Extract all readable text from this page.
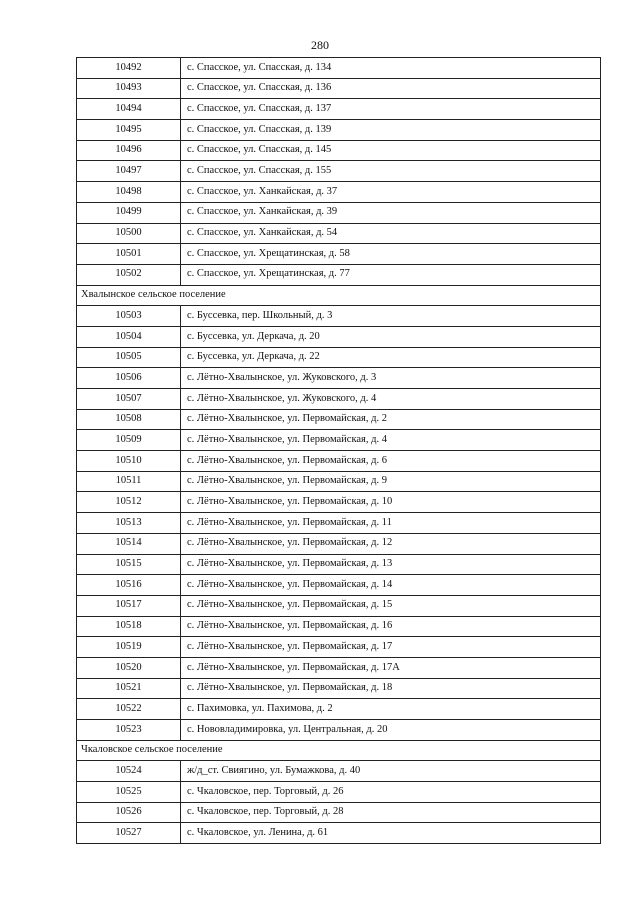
280
10492	с. Спасское, ул. Спасская, д. 134
10493	с. Спасское, ул. Спасская, д. 136
10494	с. Спасское, ул. Спасская, д. 137
10495	с. Спасское, ул. Спасская, д. 139
10496	с. Спасское, ул. Спасская, д. 145
10497	с. Спасское, ул. Спасская, д. 155
10498	с. Спасское, ул. Ханкайская, д. 37
10499	с. Спасское, ул. Ханкайская, д. 39
10500	с. Спасское, ул. Ханкайская, д. 54
10501	с. Спасское, ул. Хрещатинская, д. 58
10502	с. Спасское, ул. Хрещатинская, д. 77
Хвалынское сельское поселение	
10503	с. Буссевка, пер. Школьный, д. 3
10504	с. Буссевка, ул. Деркача, д. 20
10505	с. Буссевка, ул. Деркача, д. 22
10506	с. Лётно-Хвалынское, ул. Жуковского, д. 3
10507	с. Лётно-Хвалынское, ул. Жуковского, д. 4
10508	с. Лётно-Хвалынское, ул. Первомайская, д. 2
10509	с. Лётно-Хвалынское, ул. Первомайская, д. 4
10510	с. Лётно-Хвалынское, ул. Первомайская, д. 6
10511	с. Лётно-Хвалынское, ул. Первомайская, д. 9
10512	с. Лётно-Хвалынское, ул. Первомайская, д. 10
10513	с. Лётно-Хвалынское, ул. Первомайская, д. 11
10514	с. Лётно-Хвалынское, ул. Первомайская, д. 12
10515	с. Лётно-Хвалынское, ул. Первомайская, д. 13
10516	с. Лётно-Хвалынское, ул. Первомайская, д. 14
10517	с. Лётно-Хвалынское, ул. Первомайская, д. 15
10518	с. Лётно-Хвалынское, ул. Первомайская, д. 16
10519	с. Лётно-Хвалынское, ул. Первомайская, д. 17
10520	с. Лётно-Хвалынское, ул. Первомайская, д. 17А
10521	с. Лётно-Хвалынское, ул. Первомайская, д. 18
10522	с. Пахимовка, ул. Пахимова, д. 2
10523	с. Нововладимировка, ул. Центральная, д. 20
Чкаловское сельское поселение	
10524	ж/д_ст. Свиягино, ул. Бумажкова, д. 40
10525	с. Чкаловское, пер. Торговый, д. 26
10526	с. Чкаловское, пер. Торговый, д. 28
10527	с. Чкаловское, ул. Ленина, д. 61
